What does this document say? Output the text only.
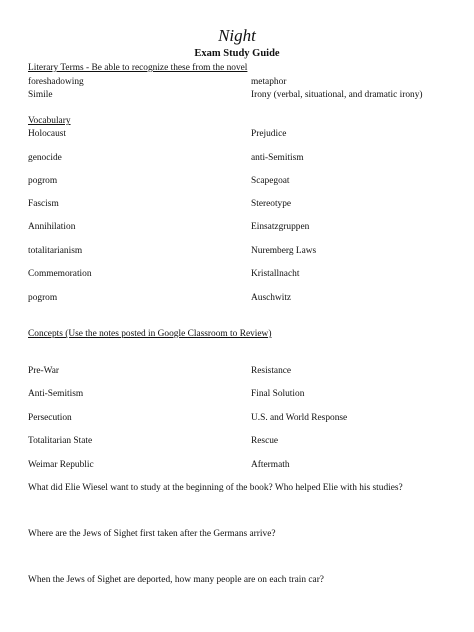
Night
Exam Study Guide
Literary Terms - Be able to recognize these from the novel
foreshadowing	metaphor
Simile	Irony (verbal, situational, and dramatic irony)
Vocabulary
Holocaust	Prejudice
genocide	anti-Semitism
pogrom	Scapegoat
Fascism	Stereotype
Annihilation	Einsatzgruppen
totalitarianism	Nuremberg Laws
Commemoration	Kristallnacht
pogrom	Auschwitz
Concepts (Use the notes posted in Google Classroom to Review)
Pre-War	Resistance
Anti-Semitism	Final Solution
Persecution	U.S. and World Response
Totalitarian State	Rescue
Weimar Republic	Aftermath
What did Elie Wiesel want to study at the beginning of the book? Who helped Elie with his studies?
Where are the Jews of Sighet first taken after the Germans arrive?
When the Jews of Sighet are deported, how many people are on each train car?
